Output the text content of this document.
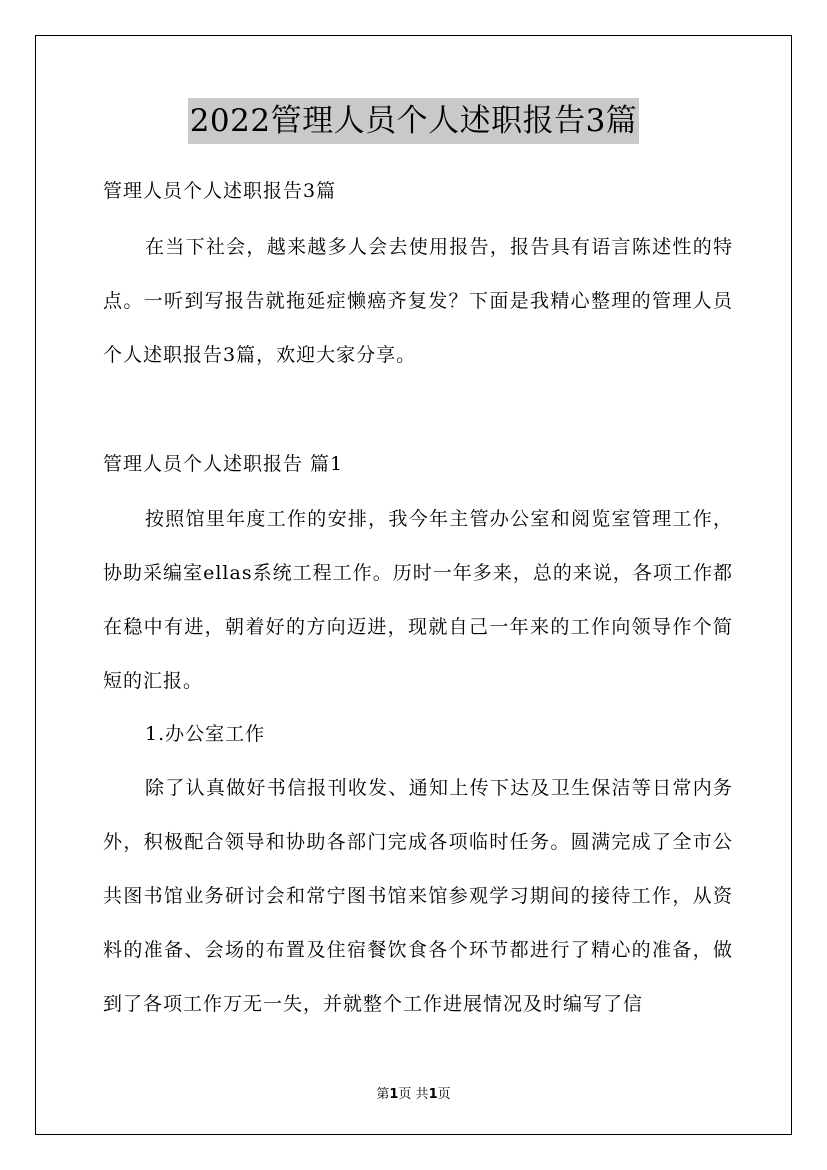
2022管理人员个人述职报告3篇
管理人员个人述职报告3篇
在当下社会，越来越多人会去使用报告，报告具有语言陈述性的特点。一听到写报告就拖延症懒癌齐复发？下面是我精心整理的管理人员个人述职报告3篇，欢迎大家分享。
管理人员个人述职报告 篇1
按照馆里年度工作的安排，我今年主管办公室和阅览室管理工作，协助采编室ellas系统工程工作。历时一年多来，总的来说，各项工作都在稳中有进，朝着好的方向迈进，现就自己一年来的工作向领导作个简短的汇报。
1.办公室工作
除了认真做好书信报刊收发、通知上传下达及卫生保洁等日常内务外，积极配合领导和协助各部门完成各项临时任务。圆满完成了全市公共图书馆业务研讨会和常宁图书馆来馆参观学习期间的接待工作，从资料的准备、会场的布置及住宿餐饮食各个环节都进行了精心的准备，做到了各项工作万无一失，并就整个工作进展情况及时编写了信
第1页 共1页
